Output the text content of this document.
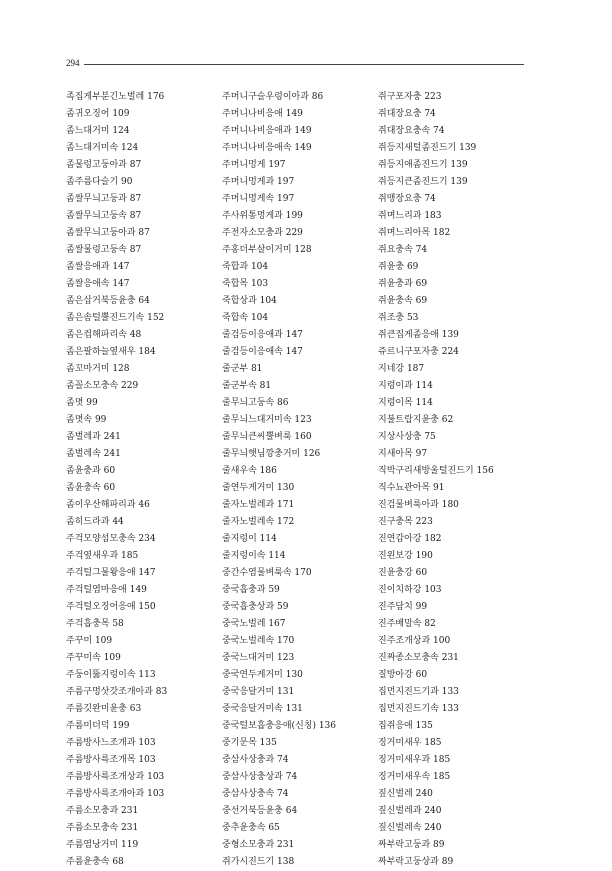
294
족집게부분긴노벌레 176
좀귀오징어 109
좀느대거미 124
좀느대거미속 124
좀물렁고둥아과 87
좀주름다슬기 90
좀쌀무늬고둥과 87
좀쌀무늬고둥속 87
좀쌀무늬고둥아과 87
좀쌀물렁고둥속 87
좀쌀응애과 147
좀쌀응애속 147
좀은삽거북등윤충 64
좀은솜털뿔진드기속 152
좀은컵해파리속 48
좀은팔하늘옆새우 184
좀꼬마거미 128
좀꼴소모충속 229
좀몃 99
좀몃속 99
좀벌레과 241
좀벌레속 241
좀윤충과 60
좀윤충속 60
좀이우산해파리과 46
좀히드라과 44
주걱모양섬모충속 234
주걱옆새우과 185
주걱털그물왕응애 147
주걱털염마응애 149
주걱털오징어응애 150
주걱흡충목 58
주꾸미 109
주꾸미속 109
주둥이뚫지렁이속 113
주름구멍삿갓조개아과 83
주름깃완미윤충 63
주름미더덕 199
주름방사느조개과 103
주름방사륵조개목 103
주름방사륵조개상과 103
주름방사륵조개아과 103
주름소모충과 231
주름소모충속 231
주름염낭거미 119
주름윤충속 68
주머니구슬우렁이아과 86
주머니나비응애 149
주머니나비응애과 149
주머니나비응애속 149
주머니멍게 197
주머니멍게과 197
주머니멍게속 197
주사위통멍게과 199
주전자소모충과 229
주홍더부살이거미 128
죽합과 104
죽합목 103
죽합상과 104
죽합속 104
줄검등이응애과 147
줄검등이응애속 147
줄군부 81
줄군부속 81
줄무늬고둥속 86
줄무늬느대거미속 123
줄무늬큰씨뿔벼룩 160
줄무늬햇님깡충거미 126
줄새우속 186
줄연두게거미 130
줄자노벌레과 171
줄자노벌레속 172
줄지렁이 114
줄지렁이속 114
중간수염물벼룩속 170
중국흡충과 59
중국흡충상과 59
중국노벌레 167
중국노벌레속 170
중국느대거미 123
중국연두게거미 130
중국응달거미 131
중국응달거미속 131
중국털보흡충응애(신칭) 136
중기문목 135
중삼사상충과 74
중삼사상충상과 74
중삼사상충속 74
중선거북등윤충 64
중추윤충속 65
중형소모충과 231
쥐가시진드기 138
쥐구포자충 223
쥐대장요충 74
쥐대장요충속 74
쥐등지새털좀진드기 139
쥐등지애좀진드기 139
쥐등지큰좀진드기 139
쥐맹장요충 74
쥐며느리과 183
쥐며느리아목 182
쥐요충속 74
쥐윤충 69
쥐윤충과 69
쥐윤충속 69
쥐조충 53
쥐큰집게좀응애 139
쥬르니구포자충 224
지네강 187
지렁이과 114
지렁이목 114
지불트랍지윤충 62
지상사상충 75
지새아목 97
직박구리새방울털진드기 156
직수뇨관아목 91
진검물벼룩아과 180
진구충목 223
진연갑아강 182
진왼보강 190
진윤충강 60
진이치하강 103
진주담치 99
진주배말속 82
진주조개상과 100
진짜종소모충속 231
질방아강 60
집먼지진드기과 133
집먼지진드기속 133
집쥐응애 135
징거미새우 185
징거미새우과 185
징거미새우속 185
짚신벌레 240
짚신벌레과 240
짚신벌레속 240
짜부락고둥과 89
짜부락고둥상과 89
